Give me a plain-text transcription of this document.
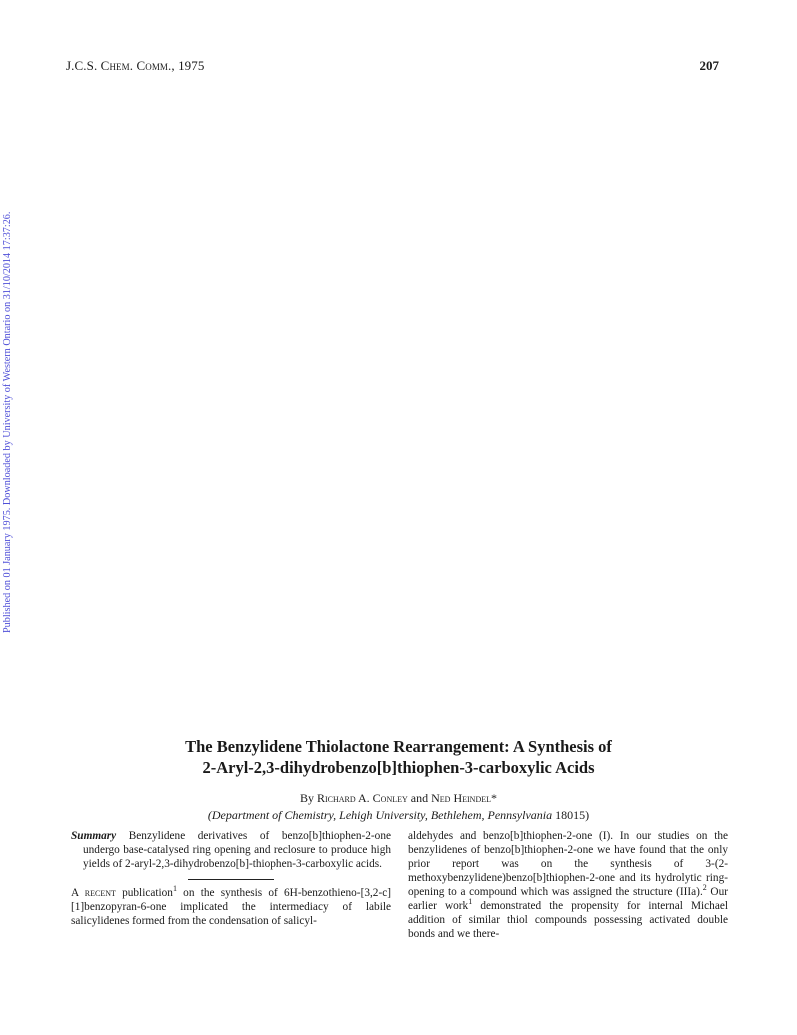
J.C.S. Chem. Comm., 1975	207
Published on 01 January 1975. Downloaded by University of Western Ontario on 31/10/2014 17:37:26.
The Benzylidene Thiolactone Rearrangement: A Synthesis of
2-Aryl-2,3-dihydrobenzo[b]thiophen-3-carboxylic Acids
By Richard A. Conley and Ned Heindel*
(Department of Chemistry, Lehigh University, Bethlehem, Pennsylvania 18015)

Summary Benzylidene derivatives of benzo[b]thiophen-2-one undergo base-catalysed ring opening and reclosure to produce high yields of 2-aryl-2,3-dihydrobenzo[b]-thiophen-3-carboxylic acids.

A recent publication$^1$ on the synthesis of 6H-benzothieno-[3,2-c][1]benzopyran-6-one implicated the intermediacy of labile salicylidenes formed from the condensation of salicyl-

aldehydes and benzo[b]thiophen-2-one (I). In our studies on the benzylidenes of benzo[b]thiophen-2-one we have found that the only prior report was on the synthesis of 3-(2-methoxybenzylidene)benzo[b]thiophen-2-one and its hydrolytic ring-opening to a compound which was assigned the structure (IIIa).$^2$ Our earlier work$^1$ demonstrated the propensity for internal Michael addition of similar thiol compounds possessing activated double bonds and we there-
